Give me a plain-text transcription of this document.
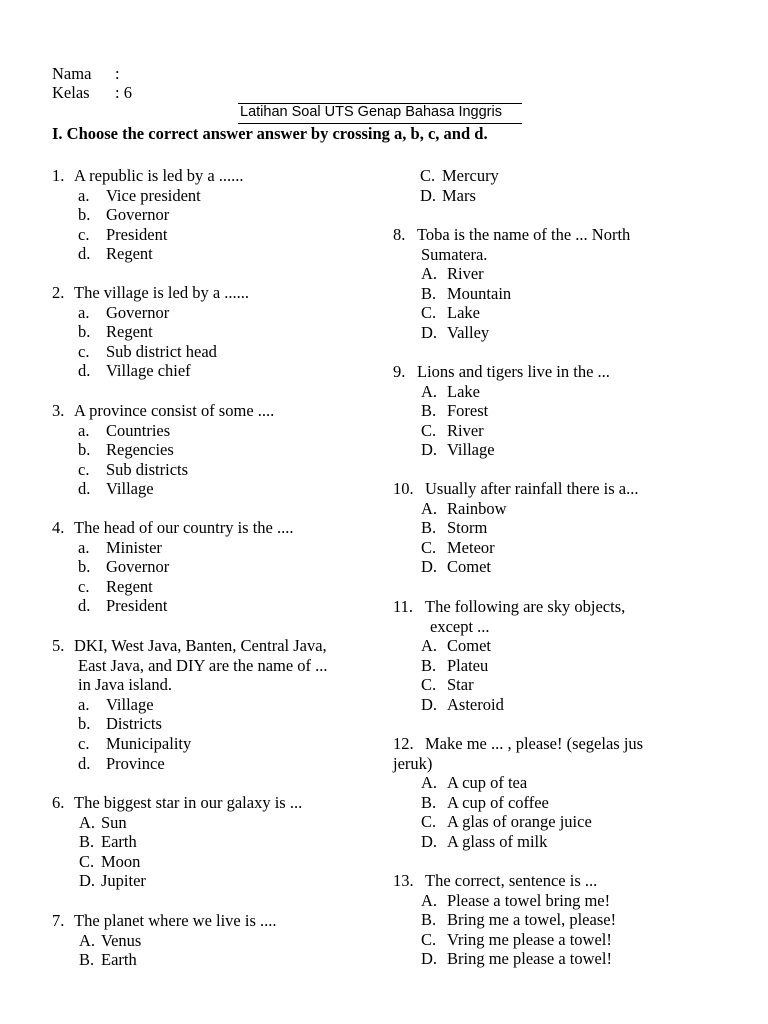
Nama :
Kelas : 6
Latihan Soal UTS Genap Bahasa Inggris
I. Choose the correct answer answer by crossing a, b, c, and d.
1. A republic is led by a ......
a. Vice president
b. Governor
c. President
d. Regent
2. The village is led by a ......
a. Governor
b. Regent
c. Sub district head
d. Village chief
3. A province consist of some ....
a. Countries
b. Regencies
c. Sub districts
d. Village
4. The head of our country is the ....
a. Minister
b. Governor
c. Regent
d. President
5. DKI, West Java, Banten, Central Java,
East Java, and DIY are the name of ...
in Java island.
a. Village
b. Districts
c. Municipality
d. Province
6. The biggest star in our galaxy is ...
A. Sun
B. Earth
C. Moon
D. Jupiter
7. The planet where we live is ....
A. Venus
B. Earth
C. Mercury
D. Mars
8. Toba is the name of the ... North
Sumatera.
A. River
B. Mountain
C. Lake
D. Valley
9. Lions and tigers live in the ...
A. Lake
B. Forest
C. River
D. Village
10. Usually after rainfall there is a...
A. Rainbow
B. Storm
C. Meteor
D. Comet
11. The following are sky objects,
except ...
A. Comet
B. Plateu
C. Star
D. Asteroid
12. Make me ... , please! (segelas jus
jeruk)
A. A cup of tea
B. A cup of coffee
C. A glas of orange juice
D. A glass of milk
13. The correct, sentence is ...
A. Please a towel bring me!
B. Bring me a towel, please!
C. Vring me please a towel!
D. Bring me please a towel!
